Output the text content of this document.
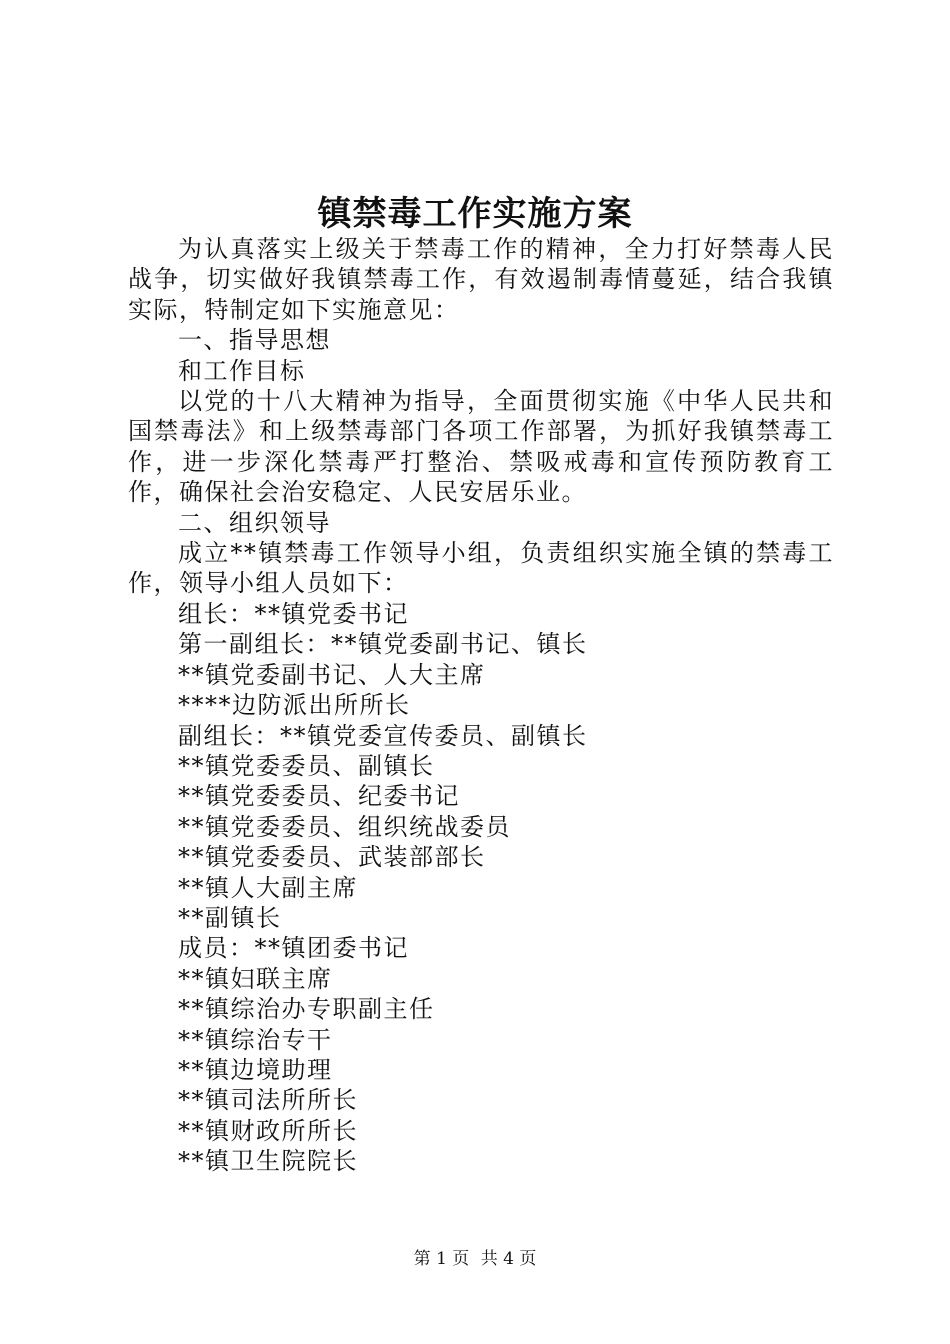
镇禁毒工作实施方案

为认真落实上级关于禁毒工作的精神，全力打好禁毒人民战争，切实做好我镇禁毒工作，有效遏制毒情蔓延，结合我镇实际，特制定如下实施意见：

一、指导思想

和工作目标

以党的十八大精神为指导，全面贯彻实施《中华人民共和国禁毒法》和上级禁毒部门各项工作部署，为抓好我镇禁毒工作，进一步深化禁毒严打整治、禁吸戒毒和宣传预防教育工作，确保社会治安稳定、人民安居乐业。

二、组织领导

成立**镇禁毒工作领导小组，负责组织实施全镇的禁毒工作，领导小组人员如下：

组长：**镇党委书记

第一副组长：**镇党委副书记、镇长

**镇党委副书记、人大主席

****边防派出所所长

副组长：**镇党委宣传委员、副镇长

**镇党委委员、副镇长

**镇党委委员、纪委书记

**镇党委委员、组织统战委员

**镇党委委员、武装部部长

**镇人大副主席

**副镇长

成员：**镇团委书记

**镇妇联主席

**镇综治办专职副主任

**镇综治专干

**镇边境助理

**镇司法所所长

**镇财政所所长

**镇卫生院院长

第 1 页 共 4 页
